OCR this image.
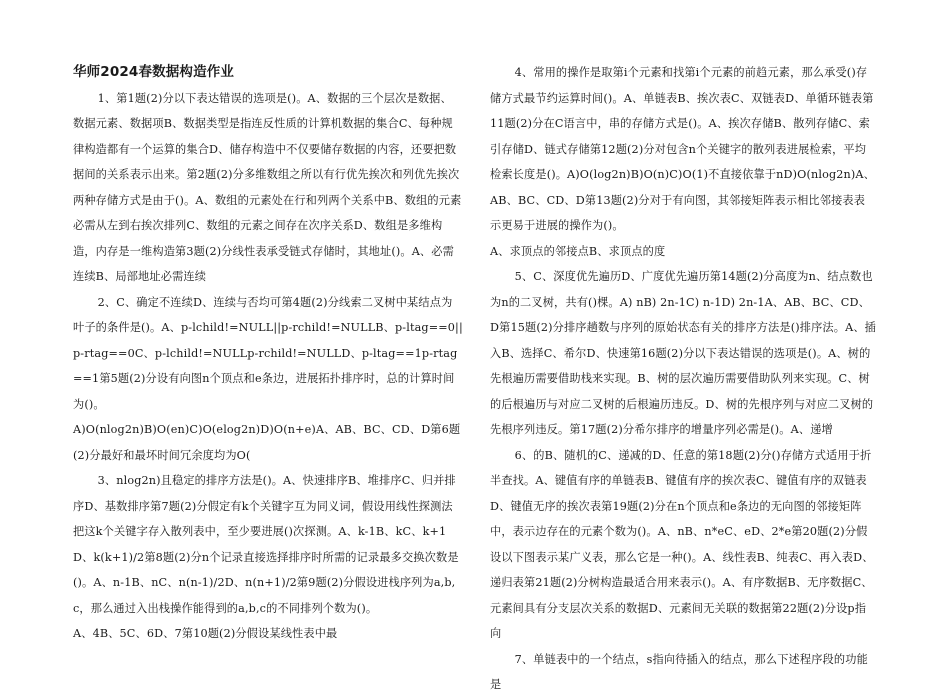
华师2024春数据构造作业

1、第1题(2)分以下表达错误的选项是()。A、数据的三个层次是数据、数据元素、数据项B、数据类型是指连反性质的计算机数据的集合C、每种规律构造都有一个运算的集合D、储存构造中不仅要储存数据的内容，还要把数据间的关系表示出来。第2题(2)分多维数组之所以有行优先挨次和列优先挨次两种存储方式是由于()。A、数组的元素处在行和列两个关系中B、数组的元素必需从左到右挨次排列C、数组的元素之间存在次序关系D、数组是多维构造，内存是一维构造第3题(2)分线性表承受链式存储时，其地址()。A、必需连续B、局部地址必需连续

2、C、确定不连续D、连续与否均可第4题(2)分线索二叉树中某结点为叶子的条件是()。A、p-lchild!=NULL||p-rchild!=NULLB、p-ltag==0||p-rtag==0C、p-lchild!=NULLp-rchild!=NULLD、p-ltag==1p-rtag==1第5题(2)分设有向图n个顶点和e条边，进展拓扑排序时，总的计算时间为()。

A)O(nlog2n)B)O(en)C)O(elog2n)D)O(n+e)A、AB、BC、CD、D第6题(2)分最好和最坏时间冗余度均为O(

3、nlog2n)且稳定的排序方法是()。A、快速排序B、堆排序C、归并排序D、基数排序第7题(2)分假定有k个关键字互为同义词，假设用线性探测法把这k个关键字存入散列表中，至少要进展()次探测。A、k-1B、kC、k+1D、k(k+1)/2第8题(2)分n个记录直接选择排序时所需的记录最多交换次数是()。A、n-1B、nC、n(n-1)/2D、n(n+1)/2第9题(2)分假设进栈序列为a,b,c，那么通过入出栈操作能得到的a,b,c的不同排列个数为()。

A、4B、5C、6D、7第10题(2)分假设某线性表中最

4、常用的操作是取第i个元素和找第i个元素的前趋元素，那么承受()存储方式最节约运算时间()。A、单链表B、挨次表C、双链表D、单循环链表第11题(2)分在C语言中，串的存储方式是()。A、挨次存储B、散列存储C、索引存储D、链式存储第12题(2)分对包含n个关键字的散列表进展检索，平均检索长度是()。A)O(log2n)B)O(n)C)O(1)不直接依靠于nD)O(nlog2n)A、AB、BC、CD、D第13题(2)分对于有向图，其邻接矩阵表示相比邻接表表示更易于进展的操作为()。

A、求顶点的邻接点B、求顶点的度

5、C、深度优先遍历D、广度优先遍历第14题(2)分高度为n、结点数也为n的二叉树，共有()棵。A) nB) 2n-1C) n-1D) 2n-1A、AB、BC、CD、D第15题(2)分排序趟数与序列的原始状态有关的排序方法是()排序法。A、插入B、选择C、希尔D、快速第16题(2)分以下表达错误的选项是()。A、树的先根遍历需要借助栈来实现。B、树的层次遍历需要借助队列来实现。C、树的后根遍历与对应二叉树的后根遍历违反。D、树的先根序列与对应二叉树的先根序列违反。第17题(2)分希尔排序的增量序列必需是()。A、递增

6、的B、随机的C、递减的D、任意的第18题(2)分()存储方式适用于折半查找。A、键值有序的单链表B、键值有序的挨次表C、键值有序的双链表D、键值无序的挨次表第19题(2)分在n个顶点和e条边的无向图的邻接矩阵中，表示边存在的元素个数为()。A、nB、n*eC、eD、2*e第20题(2)分假设以下图表示某广义表，那么它是一种()。A、线性表B、纯表C、再入表D、递归表第21题(2)分树构造最适合用来表示()。A、有序数据B、无序数据C、元素间具有分支层次关系的数据D、元素间无关联的数据第22题(2)分设p指向

7、单链表中的一个结点，s指向待插入的结点，那么下述程序段的功能是
